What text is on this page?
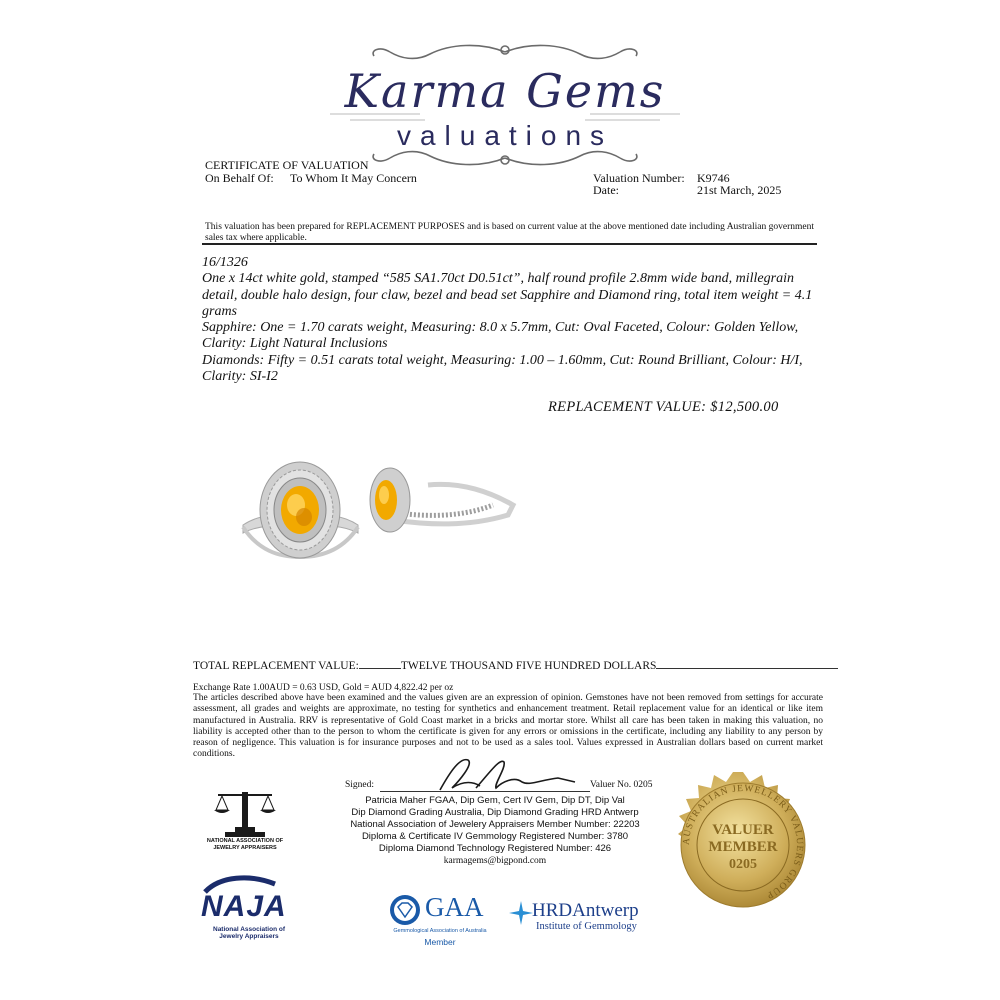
Karma Gems
valuations
CERTIFICATE OF VALUATION
On Behalf Of: To Whom It May Concern	Valuation Number: K9746
Date:	21st March, 2025
This valuation has been prepared for REPLACEMENT PURPOSES and is based on current value at the above mentioned date including Australian government
sales tax where applicable.

16/1326

One x 14ct white gold, stamped “585 SA1.70ct D0.51ct”, half round profile 2.8mm wide band, millegrain detail, double halo design, four claw, bezel and bead set Sapphire and Diamond ring, total item weight = 4.1 grams

Sapphire: One = 1.70 carats weight, Measuring: 8.0 x 5.7mm, Cut: Oval Faceted, Colour: Golden Yellow, Clarity: Light Natural Inclusions

Diamonds: Fifty = 0.51 carats total weight, Measuring: 1.00 – 1.60mm, Cut: Round Brilliant, Colour: H/I, Clarity: SI-I2

REPLACEMENT VALUE: $12,500.00
TOTAL REPLACEMENT VALUE:	TWELVE THOUSAND FIVE HUNDRED DOLLARS
Exchange Rate 1.00AUD = 0.63 USD, Gold = AUD 4,822.42 per oz
The articles described above have been examined and the values given are an expression of opinion. Gemstones have not been removed from settings for accurate assessment, all grades and weights are approximate, no testing for synthetics and enhancement treatment. Retail replacement value for an identical or like item manufactured in Australia. RRV is representative of Gold Coast market in a bricks and mortar store. Whilst all care has been taken in making this valuation, no liability is accepted other than to the person to whom the certificate is given for any errors or omissions in the certificate, including any liability to any person by reason of negligence. This valuation is for insurance purposes and not to be used as a sales tool. Values expressed in Australian dollars based on current market conditions.
Signed:	Valuer No. 0205
Patricia Maher FGAA, Dip Gem, Cert IV Gem, Dip DT, Dip Val
Dip Diamond Grading Australia, Dip Diamond Grading HRD Antwerp
National Association of Jewelery Appraisers Member Number: 22203
Diploma & Certificate IV Gemmology Registered Number: 3780
Diploma Diamond Technology Registered Number: 426
karmagems@bigpond.com
NATIONAL ASSOCIATION OF
JEWELRY APPRAISERS
NAJA
National Association of
Jewelry Appraisers
GAA
Gemmological Association of Australia
Member
HRDAntwerp
Institute of Gemmology
AUSTRALIAN JEWELLERY VALUERS GROUP
VALUER
MEMBER
0205
